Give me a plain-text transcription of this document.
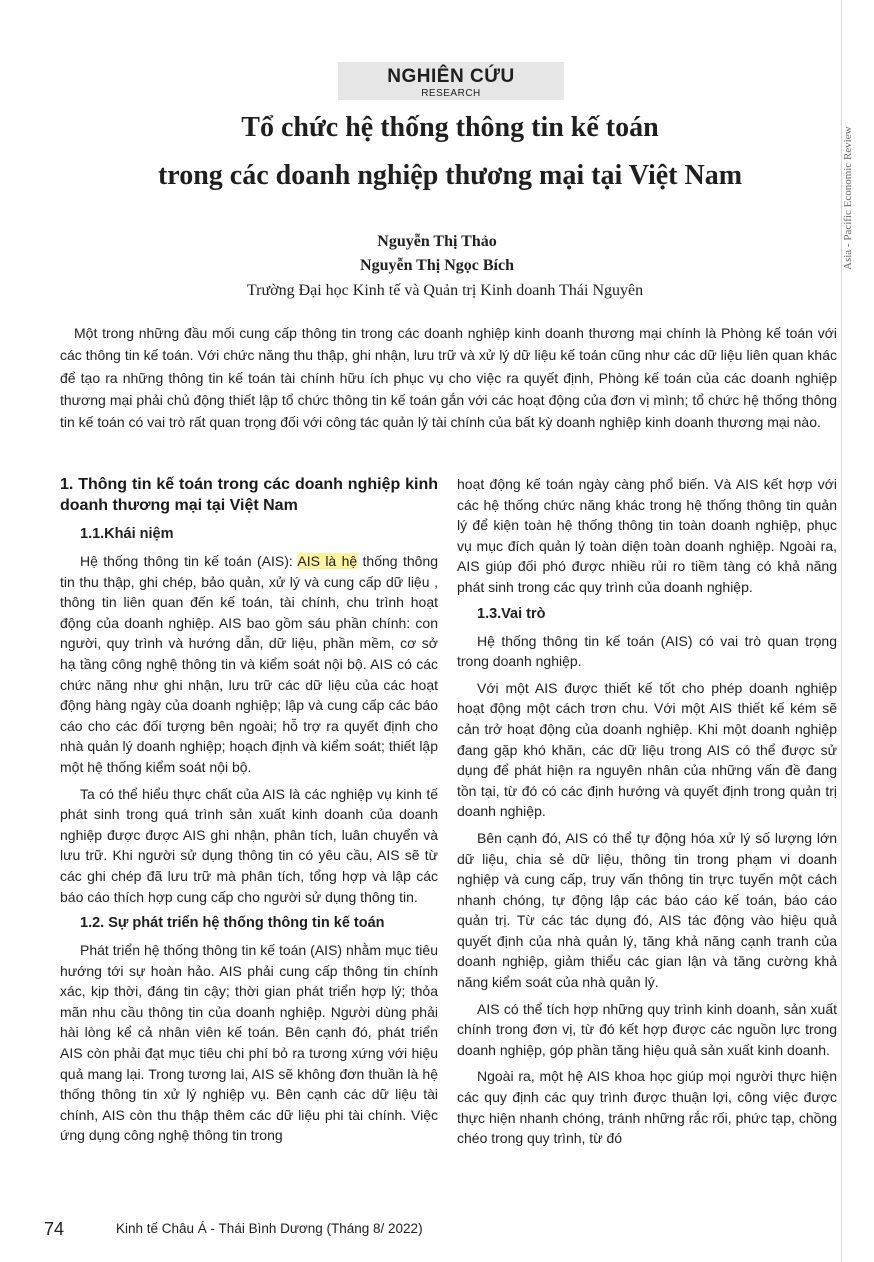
Asia - Pacific Economic Review
NGHIÊN CỨU
RESEARCH
Tổ chức hệ thống thông tin kế toán
trong các doanh nghiệp thương mại tại Việt Nam
Nguyễn Thị Thảo
Nguyễn Thị Ngọc Bích
Trường Đại học Kinh tế và Quản trị Kinh doanh Thái Nguyên

Một trong những đầu mối cung cấp thông tin trong các doanh nghiệp kinh doanh thương mại chính là Phòng kế toán với các thông tin kế toán. Với chức năng thu thập, ghi nhận, lưu trữ và xử lý dữ liệu kế toán cũng như các dữ liệu liên quan khác để tạo ra những thông tin kế toán tài chính hữu ích phục vụ cho việc ra quyết định, Phòng kế toán của các doanh nghiệp thương mại phải chủ động thiết lập tổ chức thông tin kế toán gắn với các hoạt động của đơn vị mình; tổ chức hệ thống thông tin kế toán có vai trò rất quan trọng đối với công tác quản lý tài chính của bất kỳ doanh nghiệp kinh doanh thương mại nào.

1. Thông tin kế toán trong các doanh nghiệp kinh doanh thương mại tại Việt Nam
1.1.Khái niệm

Hệ thống thông tin kế toán (AIS): AIS là hệ thống thông tin thu thập, ghi chép, bảo quản, xử lý và cung cấp dữ liệu , thông tin liên quan đến kế toán, tài chính, chu trình hoạt động của doanh nghiệp. AIS bao gồm sáu phần chính: con người, quy trình và hướng dẫn, dữ liệu, phần mềm, cơ sở hạ tầng công nghệ thông tin và kiểm soát nội bộ. AIS có các chức năng như ghi nhận, lưu trữ các dữ liệu của các hoạt động hàng ngày của doanh nghiệp; lập và cung cấp các báo cáo cho các đối tượng bên ngoài; hỗ trợ ra quyết định cho nhà quản lý doanh nghiệp; hoạch định và kiểm soát; thiết lập một hệ thống kiểm soát nội bộ.

Ta có thể hiểu thực chất của AIS là các nghiệp vụ kinh tế phát sinh trong quá trình sản xuất kinh doanh của doanh nghiệp được được AIS ghi nhận, phân tích, luân chuyển và lưu trữ. Khi người sử dụng thông tin có yêu cầu, AIS sẽ từ các ghi chép đã lưu trữ mà phân tích, tổng hợp và lập các báo cáo thích hợp cung cấp cho người sử dụng thông tin.

1.2. Sự phát triển hệ thống thông tin kế toán

Phát triển hệ thống thông tin kế toán (AIS) nhằm mục tiêu hướng tới sự hoàn hảo. AIS phải cung cấp thông tin chính xác, kịp thời, đáng tin cậy; thời gian phát triển hợp lý; thỏa mãn nhu cầu thông tin của doanh nghiệp. Người dùng phải hài lòng kể cả nhân viên kế toán. Bên cạnh đó, phát triển AIS còn phải đạt mục tiêu chi phí bỏ ra tương xứng với hiệu quả mang lại. Trong tương lai, AIS sẽ không đơn thuần là hệ thống thông tin xử lý nghiệp vụ. Bên cạnh các dữ liệu tài chính, AIS còn thu thập thêm các dữ liệu phi tài chính. Việc ứng dụng công nghệ thông tin trong

hoạt động kế toán ngày càng phổ biến. Và AIS kết hợp với các hệ thống chức năng khác trong hệ thống thông tin quản lý để kiện toàn hệ thống thông tin toàn doanh nghiệp, phục vụ mục đích quản lý toàn diện toàn doanh nghiệp. Ngoài ra, AIS giúp đối phó được nhiều rủi ro tiềm tàng có khả năng phát sinh trong các quy trình của doanh nghiệp.

1.3.Vai trò

Hệ thống thông tin kế toán (AIS) có vai trò quan trọng trong doanh nghiệp.

Với một AIS được thiết kế tốt cho phép doanh nghiệp hoạt động một cách trơn chu. Với một AIS thiết kế kém sẽ cản trở hoạt động của doanh nghiệp. Khi một doanh nghiệp đang gặp khó khăn, các dữ liệu trong AIS có thể được sử dụng để phát hiện ra nguyên nhân của những vấn đề đang tồn tại, từ đó có các định hướng và quyết định trong quản trị doanh nghiệp.

Bên cạnh đó, AIS có thể tự động hóa xử lý số lượng lớn dữ liệu, chia sẻ dữ liệu, thông tin trong phạm vi doanh nghiệp và cung cấp, truy vấn thông tin trực tuyến một cách nhanh chóng, tự động lập các báo cáo kế toán, báo cáo quản trị. Từ các tác dụng đó, AIS tác động vào hiệu quả quyết định của nhà quản lý, tăng khả năng cạnh tranh của doanh nghiệp, giảm thiểu các gian lận và tăng cường khả năng kiểm soát của nhà quản lý.

AIS có thể tích hợp những quy trình kinh doanh, sản xuất chính trong đơn vị, từ đó kết hợp được các nguồn lực trong doanh nghiệp, góp phần tăng hiệu quả sản xuất kinh doanh.

Ngoài ra, một hệ AIS khoa học giúp mọi người thực hiện các quy định các quy trình được thuận lợi, công việc được thực hiện nhanh chóng, tránh những rắc rối, phức tạp, chồng chéo trong quy trình, từ đó

74	Kinh tế Châu Á - Thái Bình Dương (Tháng 8/ 2022)
